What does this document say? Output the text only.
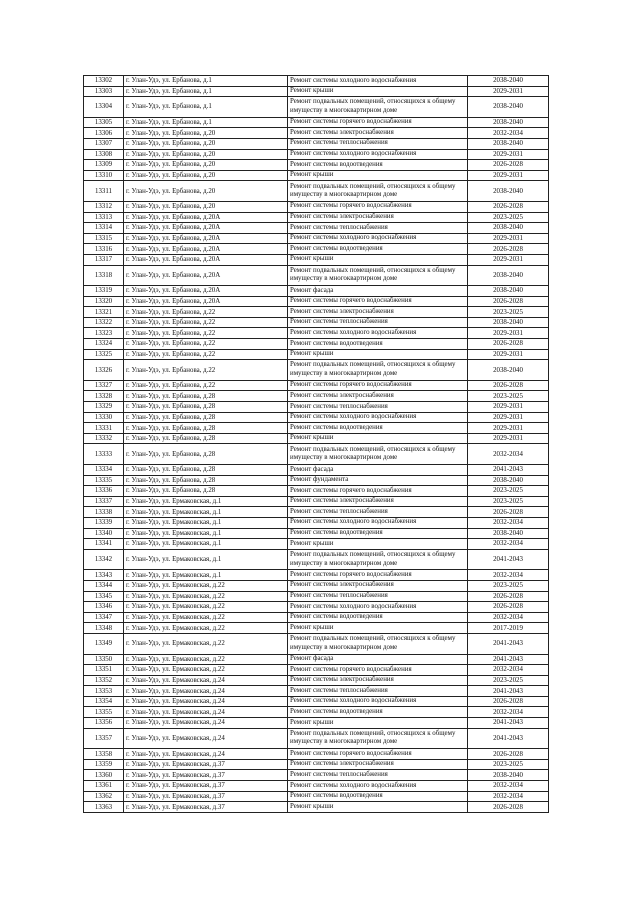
13302	г. Улан-Удэ, ул. Ербанова, д.1	Ремонт системы холодного водоснабжения	2038-2040
13303	г. Улан-Удэ, ул. Ербанова, д.1	Ремонт крыши	2029-2031
13304	г. Улан-Удэ, ул. Ербанова, д.1	Ремонт подвальных помещений, относящихся к общему имуществу в многоквартирном доме	2038-2040
13305	г. Улан-Удэ, ул. Ербанова, д.1	Ремонт системы горячего водоснабжения	2038-2040
13306	г. Улан-Удэ, ул. Ербанова, д.20	Ремонт системы электроснабжения	2032-2034
13307	г. Улан-Удэ, ул. Ербанова, д.20	Ремонт системы теплоснабжения	2038-2040
13308	г. Улан-Удэ, ул. Ербанова, д.20	Ремонт системы холодного водоснабжения	2029-2031
13309	г. Улан-Удэ, ул. Ербанова, д.20	Ремонт системы водоотведения	2026-2028
13310	г. Улан-Удэ, ул. Ербанова, д.20	Ремонт крыши	2029-2031
13311	г. Улан-Удэ, ул. Ербанова, д.20	Ремонт подвальных помещений, относящихся к общему имуществу в многоквартирном доме	2038-2040
13312	г. Улан-Удэ, ул. Ербанова, д.20	Ремонт системы горячего водоснабжения	2026-2028
13313	г. Улан-Удэ, ул. Ербанова, д.20А	Ремонт системы электроснабжения	2023-2025
13314	г. Улан-Удэ, ул. Ербанова, д.20А	Ремонт системы теплоснабжения	2038-2040
13315	г. Улан-Удэ, ул. Ербанова, д.20А	Ремонт системы холодного водоснабжения	2029-2031
13316	г. Улан-Удэ, ул. Ербанова, д.20А	Ремонт системы водоотведения	2026-2028
13317	г. Улан-Удэ, ул. Ербанова, д.20А	Ремонт крыши	2029-2031
13318	г. Улан-Удэ, ул. Ербанова, д.20А	Ремонт подвальных помещений, относящихся к общему имуществу в многоквартирном доме	2038-2040
13319	г. Улан-Удэ, ул. Ербанова, д.20А	Ремонт фасада	2038-2040
13320	г. Улан-Удэ, ул. Ербанова, д.20А	Ремонт системы горячего водоснабжения	2026-2028
13321	г. Улан-Удэ, ул. Ербанова, д.22	Ремонт системы электроснабжения	2023-2025
13322	г. Улан-Удэ, ул. Ербанова, д.22	Ремонт системы теплоснабжения	2038-2040
13323	г. Улан-Удэ, ул. Ербанова, д.22	Ремонт системы холодного водоснабжения	2029-2031
13324	г. Улан-Удэ, ул. Ербанова, д.22	Ремонт системы водоотведения	2026-2028
13325	г. Улан-Удэ, ул. Ербанова, д.22	Ремонт крыши	2029-2031
13326	г. Улан-Удэ, ул. Ербанова, д.22	Ремонт подвальных помещений, относящихся к общему имуществу в многоквартирном доме	2038-2040
13327	г. Улан-Удэ, ул. Ербанова, д.22	Ремонт системы горячего водоснабжения	2026-2028
13328	г. Улан-Удэ, ул. Ербанова, д.28	Ремонт системы электроснабжения	2023-2025
13329	г. Улан-Удэ, ул. Ербанова, д.28	Ремонт системы теплоснабжения	2029-2031
13330	г. Улан-Удэ, ул. Ербанова, д.28	Ремонт системы холодного водоснабжения	2029-2031
13331	г. Улан-Удэ, ул. Ербанова, д.28	Ремонт системы водоотведения	2029-2031
13332	г. Улан-Удэ, ул. Ербанова, д.28	Ремонт крыши	2029-2031
13333	г. Улан-Удэ, ул. Ербанова, д.28	Ремонт подвальных помещений, относящихся к общему имуществу в многоквартирном доме	2032-2034
13334	г. Улан-Удэ, ул. Ербанова, д.28	Ремонт фасада	2041-2043
13335	г. Улан-Удэ, ул. Ербанова, д.28	Ремонт фундамента	2038-2040
13336	г. Улан-Удэ, ул. Ербанова, д.28	Ремонт системы горячего водоснабжения	2023-2025
13337	г. Улан-Удэ, ул. Ермаковская, д.1	Ремонт системы электроснабжения	2023-2025
13338	г. Улан-Удэ, ул. Ермаковская, д.1	Ремонт системы теплоснабжения	2026-2028
13339	г. Улан-Удэ, ул. Ермаковская, д.1	Ремонт системы холодного водоснабжения	2032-2034
13340	г. Улан-Удэ, ул. Ермаковская, д.1	Ремонт системы водоотведения	2038-2040
13341	г. Улан-Удэ, ул. Ермаковская, д.1	Ремонт крыши	2032-2034
13342	г. Улан-Удэ, ул. Ермаковская, д.1	Ремонт подвальных помещений, относящихся к общему имуществу в многоквартирном доме	2041-2043
13343	г. Улан-Удэ, ул. Ермаковская, д.1	Ремонт системы горячего водоснабжения	2032-2034
13344	г. Улан-Удэ, ул. Ермаковская, д.22	Ремонт системы электроснабжения	2023-2025
13345	г. Улан-Удэ, ул. Ермаковская, д.22	Ремонт системы теплоснабжения	2026-2028
13346	г. Улан-Удэ, ул. Ермаковская, д.22	Ремонт системы холодного водоснабжения	2026-2028
13347	г. Улан-Удэ, ул. Ермаковская, д.22	Ремонт системы водоотведения	2032-2034
13348	г. Улан-Удэ, ул. Ермаковская, д.22	Ремонт крыши	2017-2019
13349	г. Улан-Удэ, ул. Ермаковская, д.22	Ремонт подвальных помещений, относящихся к общему имуществу в многоквартирном доме	2041-2043
13350	г. Улан-Удэ, ул. Ермаковская, д.22	Ремонт фасада	2041-2043
13351	г. Улан-Удэ, ул. Ермаковская, д.22	Ремонт системы горячего водоснабжения	2032-2034
13352	г. Улан-Удэ, ул. Ермаковская, д.24	Ремонт системы электроснабжения	2023-2025
13353	г. Улан-Удэ, ул. Ермаковская, д.24	Ремонт системы теплоснабжения	2041-2043
13354	г. Улан-Удэ, ул. Ермаковская, д.24	Ремонт системы холодного водоснабжения	2026-2028
13355	г. Улан-Удэ, ул. Ермаковская, д.24	Ремонт системы водоотведения	2032-2034
13356	г. Улан-Удэ, ул. Ермаковская, д.24	Ремонт крыши	2041-2043
13357	г. Улан-Удэ, ул. Ермаковская, д.24	Ремонт подвальных помещений, относящихся к общему имуществу в многоквартирном доме	2041-2043
13358	г. Улан-Удэ, ул. Ермаковская, д.24	Ремонт системы горячего водоснабжения	2026-2028
13359	г. Улан-Удэ, ул. Ермаковская, д.37	Ремонт системы электроснабжения	2023-2025
13360	г. Улан-Удэ, ул. Ермаковская, д.37	Ремонт системы теплоснабжения	2038-2040
13361	г. Улан-Удэ, ул. Ермаковская, д.37	Ремонт системы холодного водоснабжения	2032-2034
13362	г. Улан-Удэ, ул. Ермаковская, д.37	Ремонт системы водоотведения	2032-2034
13363	г. Улан-Удэ, ул. Ермаковская, д.37	Ремонт крыши	2026-2028
